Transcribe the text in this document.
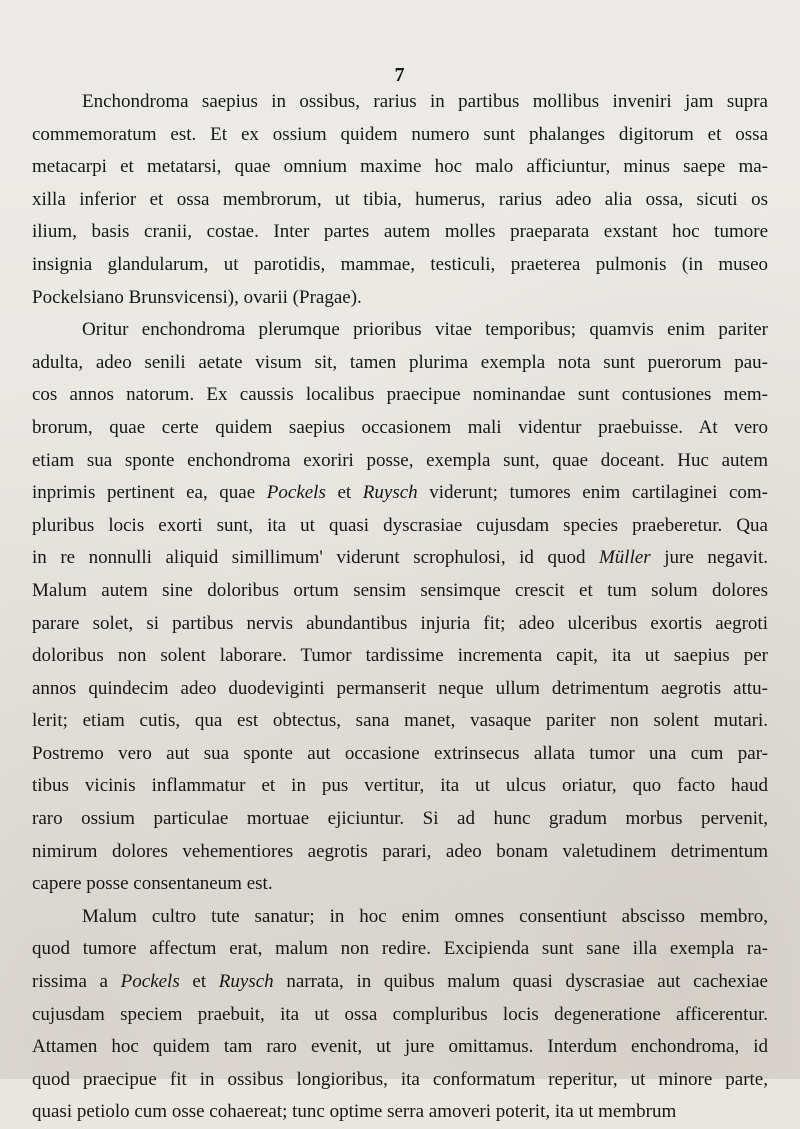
7

Enchondroma saepius in ossibus, rarius in partibus mollibus inveniri jam supra
commemoratum est. Et ex ossium quidem numero sunt phalanges digitorum et ossa
metacarpi et metatarsi, quae omnium maxime hoc malo afficiuntur, minus saepe ma-
xilla inferior et ossa membrorum, ut tibia, humerus, rarius adeo alia ossa, sicuti os
ilium, basis cranii, costae. Inter partes autem molles praeparata exstant hoc tumore
insignia glandularum, ut parotidis, mammae, testiculi, praeterea pulmonis (in museo
Pockelsiano Brunsvicensi), ovarii (Pragae).

Oritur enchondroma plerumque prioribus vitae temporibus; quamvis enim pariter
adulta, adeo senili aetate visum sit, tamen plurima exempla nota sunt puerorum pau-
cos annos natorum. Ex caussis localibus praecipue nominandae sunt contusiones mem-
brorum, quae certe quidem saepius occasionem mali videntur praebuisse. At vero
etiam sua sponte enchondroma exoriri posse, exempla sunt, quae doceant. Huc autem
inprimis pertinent ea, quae Pockels et Ruysch viderunt; tumores enim cartilaginei com-
pluribus locis exorti sunt, ita ut quasi dyscrasiae cujusdam species praeberetur. Qua
in re nonnulli aliquid simillimum' viderunt scrophulosi, id quod Müller jure negavit.
Malum autem sine doloribus ortum sensim sensimque crescit et tum solum dolores
parare solet, si partibus nervis abundantibus injuria fit; adeo ulceribus exortis aegroti
doloribus non solent laborare. Tumor tardissime incrementa capit, ita ut saepius per
annos quindecim adeo duodeviginti permanserit neque ullum detrimentum aegrotis attu-
lerit; etiam cutis, qua est obtectus, sana manet, vasaque pariter non solent mutari.
Postremo vero aut sua sponte aut occasione extrinsecus allata tumor una cum par-
tibus vicinis inflammatur et in pus vertitur, ita ut ulcus oriatur, quo facto haud
raro ossium particulae mortuae ejiciuntur. Si ad hunc gradum morbus pervenit,
nimirum dolores vehementiores aegrotis parari, adeo bonam valetudinem detrimentum
capere posse consentaneum est.

Malum cultro tute sanatur; in hoc enim omnes consentiunt abscisso membro,
quod tumore affectum erat, malum non redire. Excipienda sunt sane illa exempla ra-
rissima a Pockels et Ruysch narrata, in quibus malum quasi dyscrasiae aut cachexiae
cujusdam speciem praebuit, ita ut ossa compluribus locis degeneratione afficerentur.
Attamen hoc quidem tam raro evenit, ut jure omittamus. Interdum enchondroma, id
quod praecipue fit in ossibus longioribus, ita conformatum reperitur, ut minore parte,
quasi petiolo cum osse cohaereat; tunc optime serra amoveri poterit, ita ut membrum
